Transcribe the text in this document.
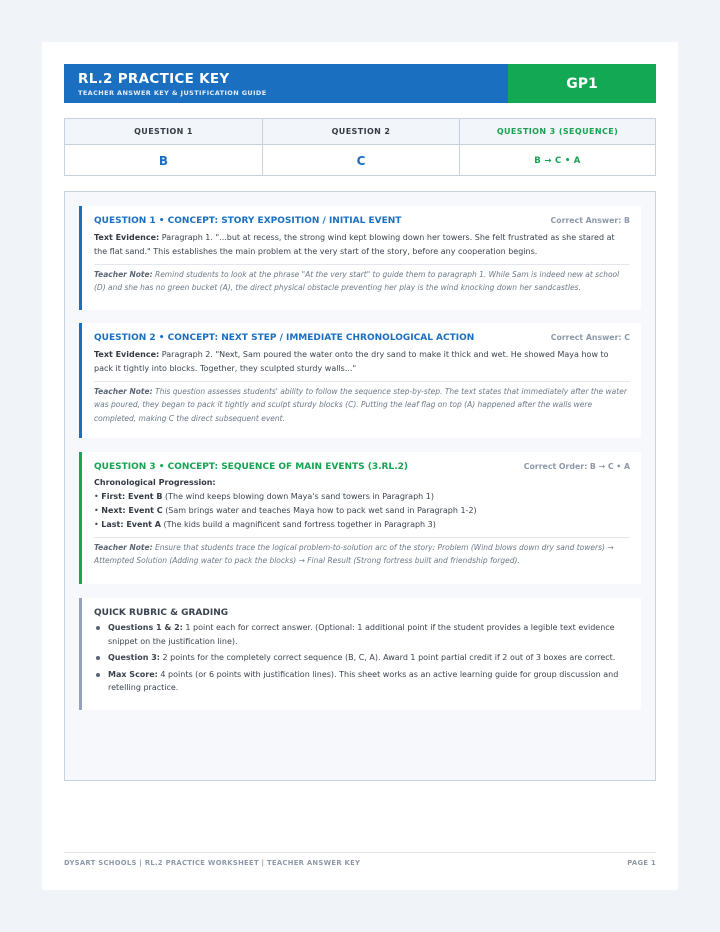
RL.2 PRACTICE KEY
TEACHER ANSWER KEY & JUSTIFICATION GUIDE
GP1
QUESTION 1	QUESTION 2	QUESTION 3 (SEQUENCE)
B	C	B → C • A
QUESTION 1 • CONCEPT: STORY EXPOSITION / INITIAL EVENT	Correct Answer: B

Text Evidence: Paragraph 1. "...but at recess, the strong wind kept blowing down her towers. She felt frustrated as she stared at the flat sand." This establishes the main problem at the very start of the story, before any cooperation begins.

Teacher Note: Remind students to look at the phrase "At the very start" to guide them to paragraph 1. While Sam is indeed new at school (D) and she has no green bucket (A), the direct physical obstacle preventing her play is the wind knocking down her sandcastles.

QUESTION 2 • CONCEPT: NEXT STEP / IMMEDIATE CHRONOLOGICAL ACTION	Correct Answer: C

Text Evidence: Paragraph 2. "Next, Sam poured the water onto the dry sand to make it thick and wet. He showed Maya how to pack it tightly into blocks. Together, they sculpted sturdy walls..."

Teacher Note: This question assesses students' ability to follow the sequence step-by-step. The text states that immediately after the water was poured, they began to pack it tightly and sculpt sturdy blocks (C). Putting the leaf flag on top (A) happened after the walls were completed, making C the direct subsequent event.

QUESTION 3 • CONCEPT: SEQUENCE OF MAIN EVENTS (3.RL.2)	Correct Order: B → C • A
Chronological Progression:
• First: Event B (The wind keeps blowing down Maya's sand towers in Paragraph 1)
• Next: Event C (Sam brings water and teaches Maya how to pack wet sand in Paragraph 1-2)
• Last: Event A (The kids build a magnificent sand fortress together in Paragraph 3)

Teacher Note: Ensure that students trace the logical problem-to-solution arc of the story: Problem (Wind blows down dry sand towers) → Attempted Solution (Adding water to pack the blocks) → Final Result (Strong fortress built and friendship forged).

QUICK RUBRIC & GRADING
Questions 1 & 2: 1 point each for correct answer. (Optional: 1 additional point if the student provides a legible text evidence snippet on the justification line).
Question 3: 2 points for the completely correct sequence (B, C, A). Award 1 point partial credit if 2 out of 3 boxes are correct.
Max Score: 4 points (or 6 points with justification lines). This sheet works as an active learning guide for group discussion and retelling practice.
DYSART SCHOOLS | RL.2 PRACTICE WORKSHEET | TEACHER ANSWER KEY	PAGE 1
